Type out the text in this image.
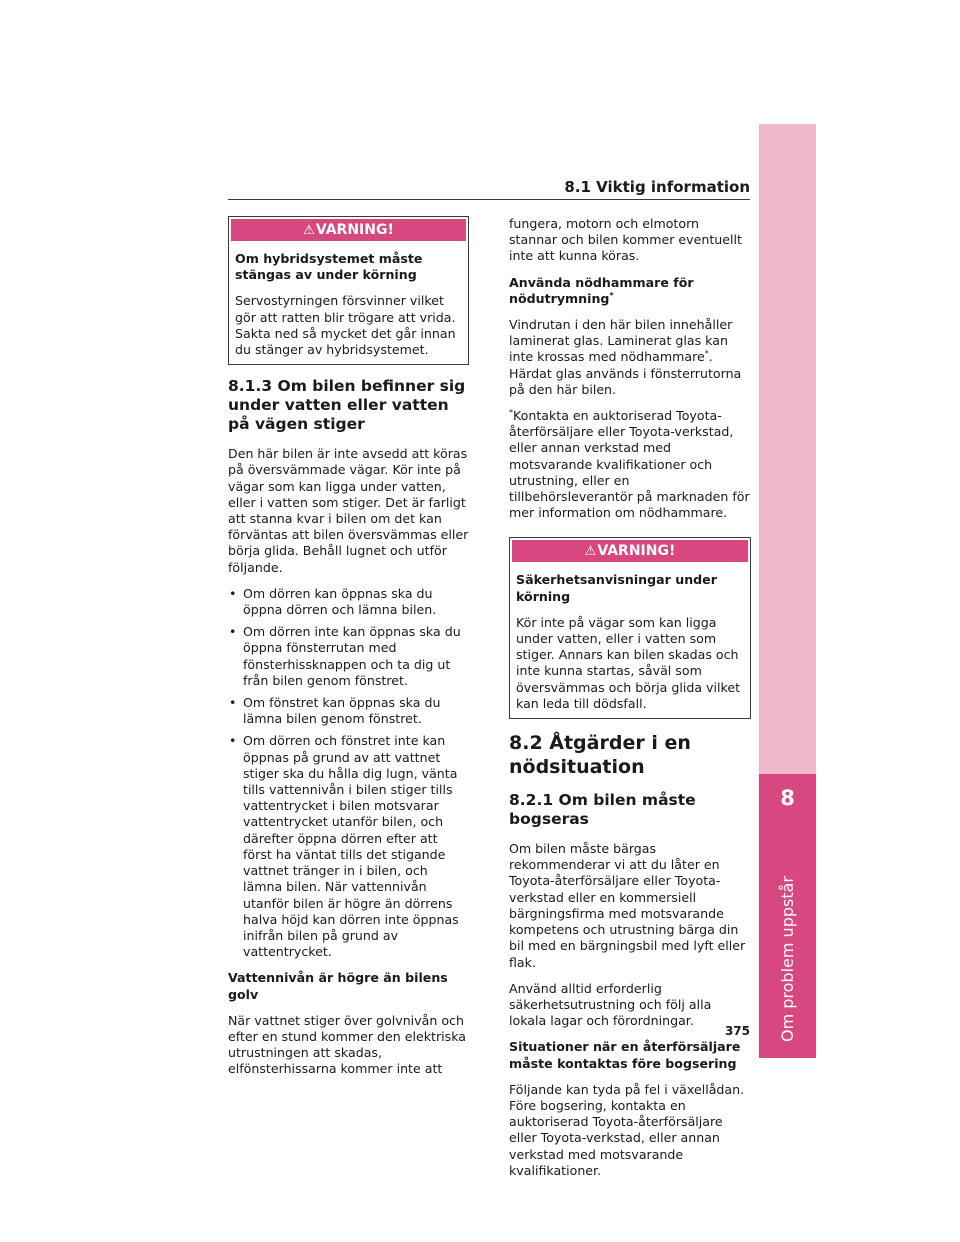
8
Om problem uppstår
8.1 Viktig information
⚠VARNING!

Om hybridsystemet måste stängas av under körning

Servostyrningen försvinner vilket gör att ratten blir trögare att vrida. Sakta ned så mycket det går innan du stänger av hybridsystemet.

8.1.3 Om bilen befinner sig under vatten eller vatten på vägen stiger

Den här bilen är inte avsedd att köras på översvämmade vägar. Kör inte på vägar som kan ligga under vatten, eller i vatten som stiger. Det är farligt att stanna kvar i bilen om det kan förväntas att bilen översvämmas eller börja glida. Behåll lugnet och utför följande.

• Om dörren kan öppnas ska du öppna dörren och lämna bilen.
• Om dörren inte kan öppnas ska du öppna fönsterrutan med fönsterhissknappen och ta dig ut från bilen genom fönstret.
• Om fönstret kan öppnas ska du lämna bilen genom fönstret.
• Om dörren och fönstret inte kan öppnas på grund av att vattnet stiger ska du hålla dig lugn, vänta tills vattennivån i bilen stiger tills vattentrycket i bilen motsvarar vattentrycket utanför bilen, och därefter öppna dörren efter att först ha väntat tills det stigande vattnet tränger in i bilen, och lämna bilen. När vattennivån utanför bilen är högre än dörrens halva höjd kan dörren inte öppnas inifrån bilen på grund av vattentrycket.

Vattennivån är högre än bilens golv

När vattnet stiger över golvnivån och efter en stund kommer den elektriska utrustningen att skadas, elfönsterhissarna kommer inte att

fungera, motorn och elmotorn stannar och bilen kommer eventuellt inte att kunna köras.

Använda nödhammare för nödutrymning*

Vindrutan i den här bilen innehåller laminerat glas. Laminerat glas kan inte krossas med nödhammare*. Härdat glas används i fönsterrutorna på den här bilen.

*Kontakta en auktoriserad Toyota-återförsäljare eller Toyota-verkstad, eller annan verkstad med motsvarande kvalifikationer och utrustning, eller en tillbehörsleverantör på marknaden för mer information om nödhammare.

⚠VARNING!

Säkerhetsanvisningar under körning

Kör inte på vägar som kan ligga under vatten, eller i vatten som stiger. Annars kan bilen skadas och inte kunna startas, såväl som översvämmas och börja glida vilket kan leda till dödsfall.

8.2 Åtgärder i en nödsituation
8.2.1 Om bilen måste bogseras

Om bilen måste bärgas rekommenderar vi att du låter en Toyota-återförsäljare eller Toyota-verkstad eller en kommersiell bärgningsfirma med motsvarande kompetens och utrustning bärga din bil med en bärgningsbil med lyft eller flak.

Använd alltid erforderlig säkerhetsutrustning och följ alla lokala lagar och förordningar.

Situationer när en återförsäljare måste kontaktas före bogsering

Följande kan tyda på fel i växellådan. Före bogsering, kontakta en auktoriserad Toyota-återförsäljare eller Toyota-verkstad, eller annan verkstad med motsvarande kvalifikationer.

375
